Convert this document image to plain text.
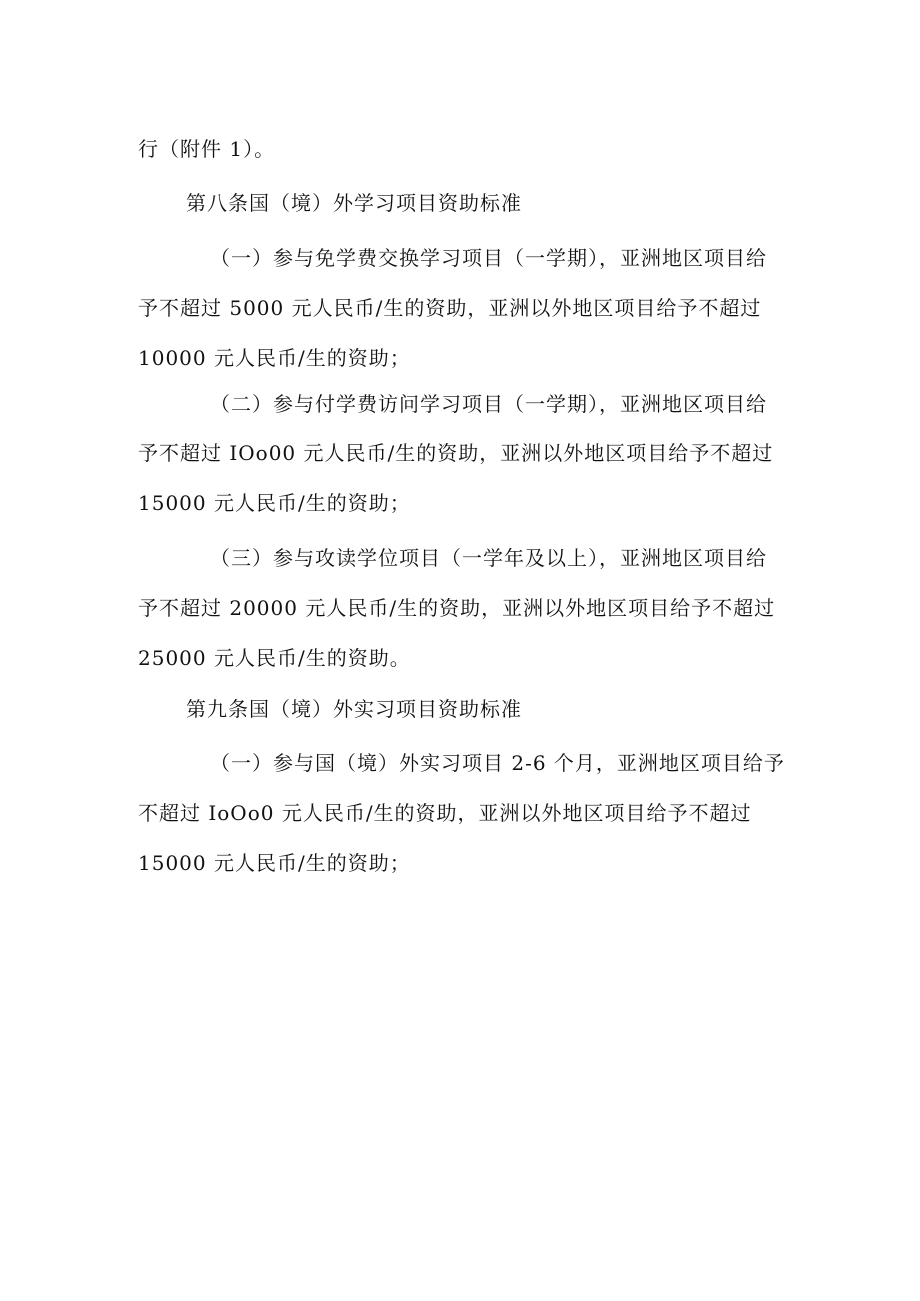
行（附件 1）。
第八条国（境）外学习项目资助标准
（一）参与免学费交换学习项目（一学期），亚洲地区项目给
予不超过 5000 元人民币/生的资助，亚洲以外地区项目给予不超过
10000 元人民币/生的资助；
（二）参与付学费访问学习项目（一学期），亚洲地区项目给
予不超过 IOo00 元人民币/生的资助，亚洲以外地区项目给予不超过
15000 元人民币/生的资助；
（三）参与攻读学位项目（一学年及以上），亚洲地区项目给
予不超过 20000 元人民币/生的资助，亚洲以外地区项目给予不超过
25000 元人民币/生的资助。
第九条国（境）外实习项目资助标准
（一）参与国（境）外实习项目 2-6 个月，亚洲地区项目给予
不超过 IoOo0 元人民币/生的资助，亚洲以外地区项目给予不超过
15000 元人民币/生的资助；
